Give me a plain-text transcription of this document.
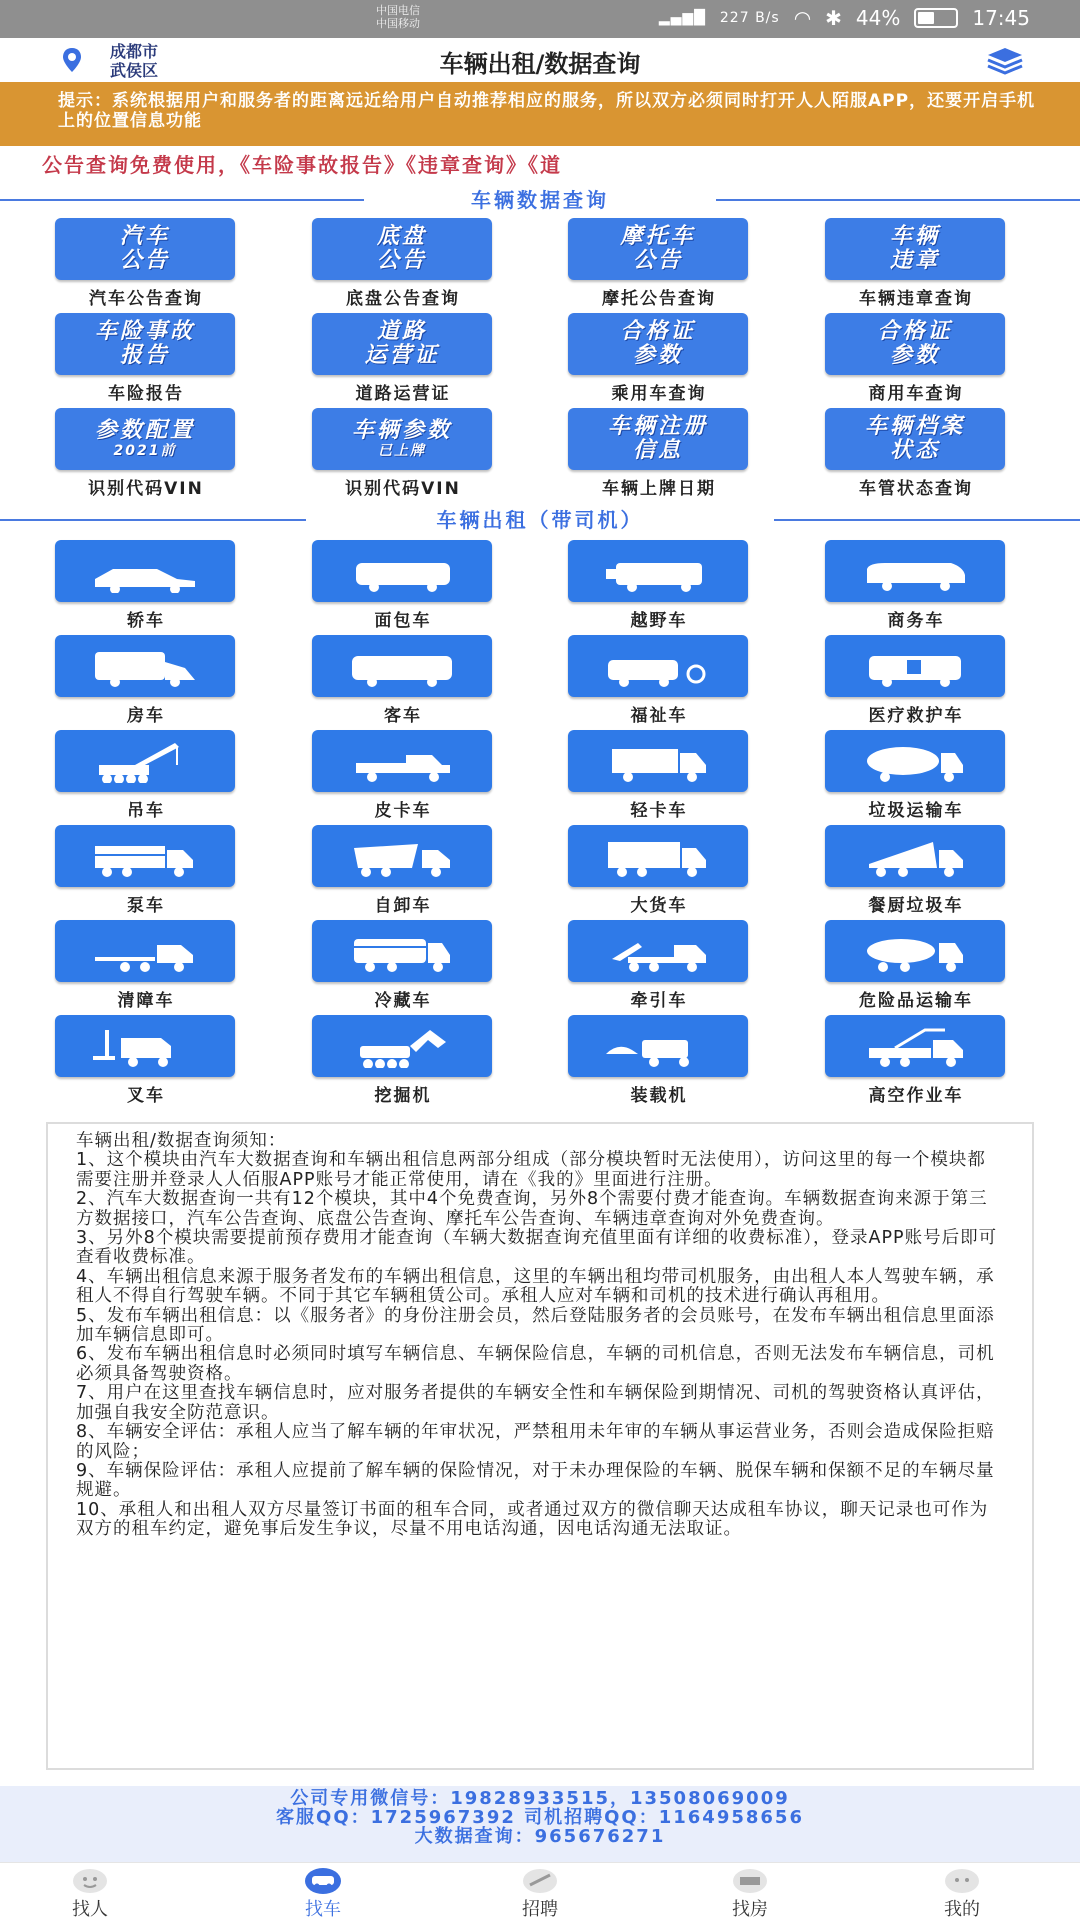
中国电信
中国移动	▂▄▆█ 227 B/s ◠ ✱ 44%	17:45
成都市
武侯区	车辆出租/数据查询
提示：系统根据用户和服务者的距离远近给用户自动推荐相应的服务，所以双方必须同时打开人人陌服APP，还要开启手机上的位置信息功能
公告查询免费使用，《车险事故报告》《违章查询》《道
车辆数据查询
汽车
公告
汽车公告查询
底盘
公告
底盘公告查询
摩托车
公告
摩托公告查询
车辆
违章
车辆违章查询
车险事故
报告
车险报告
道路
运营证
道路运营证
合格证
参数
乘用车查询
合格证
参数
商用车查询
参数配置
2021前
识别代码VIN
车辆参数
已上牌
识别代码VIN
车辆注册
信息
车辆上牌日期
车辆档案
状态
车管状态查询
车辆出租（带司机）
轿车	面包车	越野车	商务车
房车	客车	福祉车	医疗救护车
吊车	皮卡车	轻卡车	垃圾运输车
泵车	自卸车	大货车	餐厨垃圾车
清障车	冷藏车	牵引车	危险品运输车
叉车	挖掘机	装载机	高空作业车

车辆出租/数据查询须知：

1、这个模块由汽车大数据查询和车辆出租信息两部分组成（部分模块暂时无法使用），访问这里的每一个模块都需要注册并登录人人佰服APP账号才能正常使用，请在《我的》里面进行注册。

2、汽车大数据查询一共有12个模块，其中4个免费查询，另外8个需要付费才能查询。车辆数据查询来源于第三方数据接口，汽车公告查询、底盘公告查询、摩托车公告查询、车辆违章查询对外免费查询。

3、另外8个模块需要提前预存费用才能查询（车辆大数据查询充值里面有详细的收费标准），登录APP账号后即可查看收费标准。

4、车辆出租信息来源于服务者发布的车辆出租信息，这里的车辆出租均带司机服务，由出租人本人驾驶车辆，承租人不得自行驾驶车辆。不同于其它车辆租赁公司。承租人应对车辆和司机的技术进行确认再租用。

5、发布车辆出租信息：以《服务者》的身份注册会员，然后登陆服务者的会员账号，在发布车辆出租信息里面添加车辆信息即可。

6、发布车辆出租信息时必须同时填写车辆信息、车辆保险信息，车辆的司机信息，否则无法发布车辆信息，司机必须具备驾驶资格。

7、用户在这里查找车辆信息时，应对服务者提供的车辆安全性和车辆保险到期情况、司机的驾驶资格认真评估，加强自我安全防范意识。

8、车辆安全评估：承租人应当了解车辆的年审状况，严禁租用未年审的车辆从事运营业务，否则会造成保险拒赔的风险；

9、车辆保险评估：承租人应提前了解车辆的保险情况，对于未办理保险的车辆、脱保车辆和保额不足的车辆尽量规避。

10、承租人和出租人双方尽量签订书面的租车合同，或者通过双方的微信聊天达成租车协议，聊天记录也可作为双方的租车约定，避免事后发生争议，尽量不用电话沟通，因电话沟通无法取证。

公司专用微信号：19828933515，13508069009
客服QQ：1725967392 司机招聘QQ：1164958656
大数据查询：965676271
找人	找车	招聘	找房	我的
